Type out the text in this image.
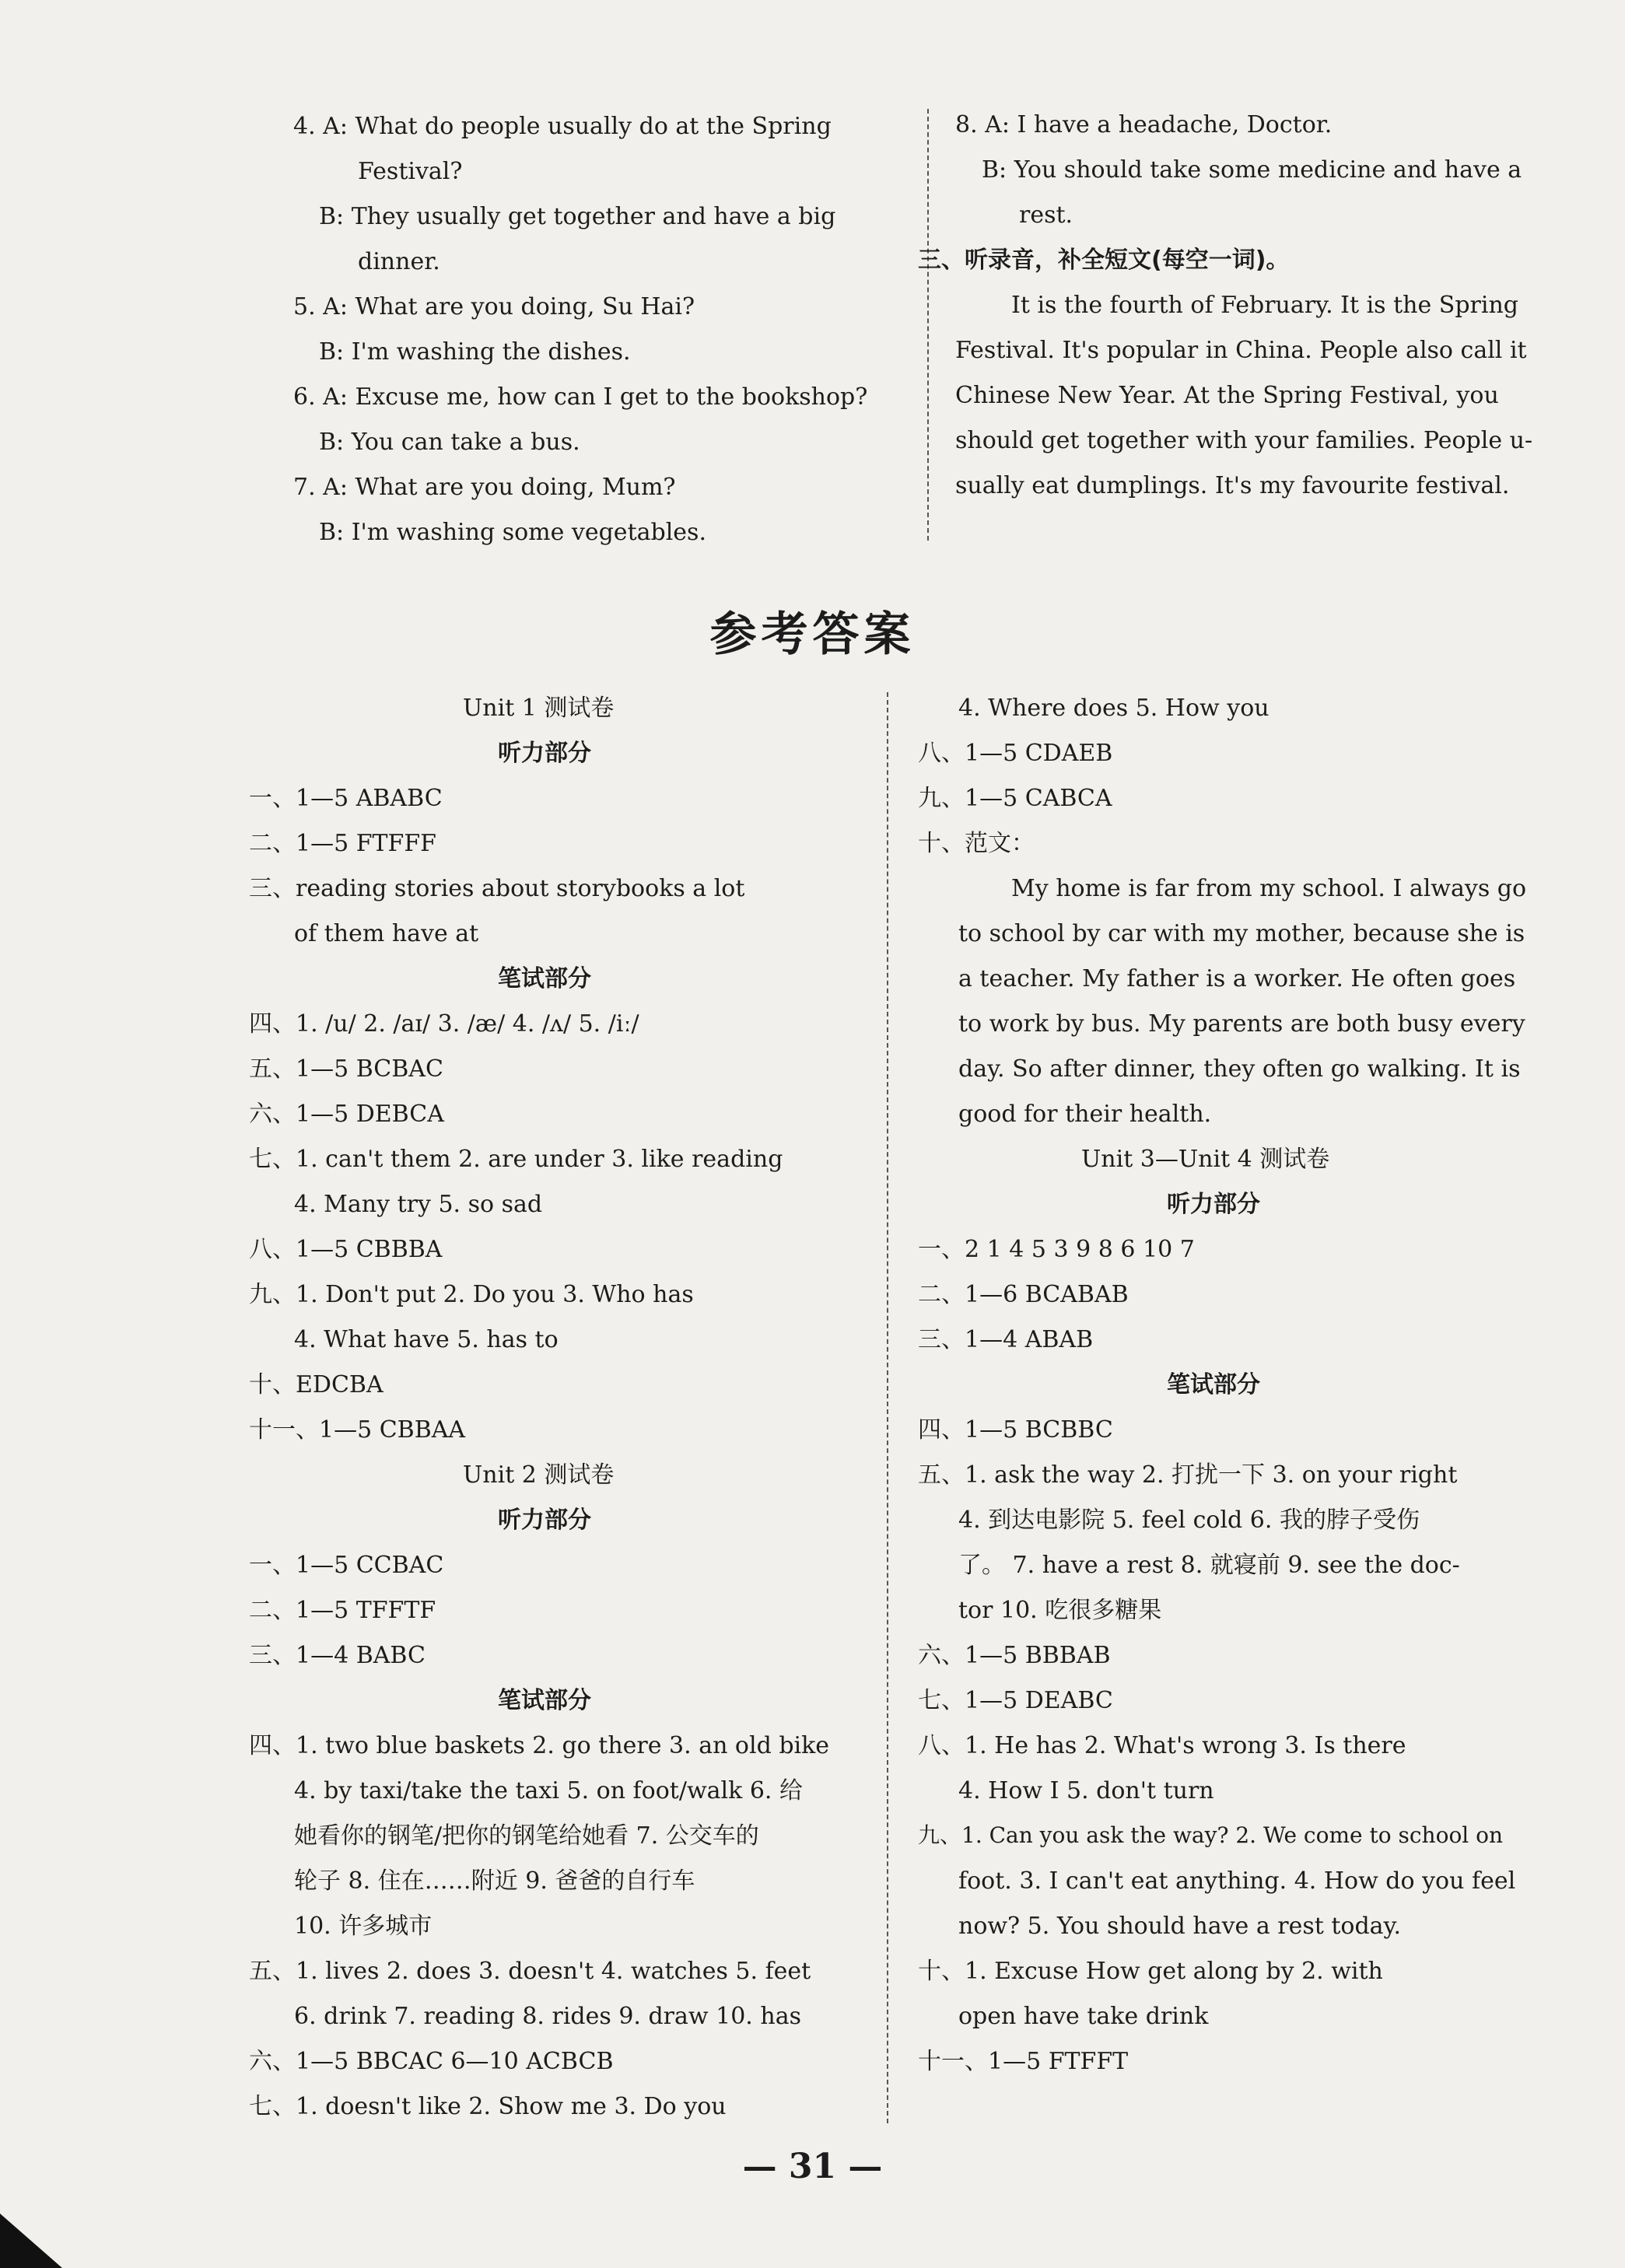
4. A: What do people usually do at the Spring
Festival?
B: They usually get together and have a big
dinner.
5. A: What are you doing, Su Hai?
B: I'm washing the dishes.
6. A: Excuse me, how can I get to the bookshop?
B: You can take a bus.
7. A: What are you doing, Mum?
B: I'm washing some vegetables.
8. A: I have a headache, Doctor.
B: You should take some medicine and have a
rest.
三、听录音，补全短文(每空一词)。
It is the fourth of February. It is the Spring
Festival. It's popular in China. People also call it
Chinese New Year. At the Spring Festival, you
should get together with your families. People u-
sually eat dumplings. It's my favourite festival.
参考答案
Unit 1 测试卷
听力部分
一、1—5 ABABC
二、1—5 FTFFF
三、reading stories about storybooks a lot
of them have at
笔试部分
四、1. /u/ 2. /aɪ/ 3. /æ/ 4. /ʌ/ 5. /iː/
五、1—5 BCBAC
六、1—5 DEBCA
七、1. can't them 2. are under 3. like reading
4. Many try 5. so sad
八、1—5 CBBBA
九、1. Don't put 2. Do you 3. Who has
4. What have 5. has to
十、EDCBA
十一、1—5 CBBAA
Unit 2 测试卷
听力部分
一、1—5 CCBAC
二、1—5 TFFTF
三、1—4 BABC
笔试部分
四、1. two blue baskets 2. go there 3. an old bike
4. by taxi/take the taxi 5. on foot/walk 6. 给
她看你的钢笔/把你的钢笔给她看 7. 公交车的
轮子 8. 住在……附近 9. 爸爸的自行车
10. 许多城市
五、1. lives 2. does 3. doesn't 4. watches 5. feet
6. drink 7. reading 8. rides 9. draw 10. has
六、1—5 BBCAC 6—10 ACBCB
七、1. doesn't like 2. Show me 3. Do you
4. Where does 5. How you
八、1—5 CDAEB
九、1—5 CABCA
十、范文：
My home is far from my school. I always go
to school by car with my mother, because she is
a teacher. My father is a worker. He often goes
to work by bus. My parents are both busy every
day. So after dinner, they often go walking. It is
good for their health.
Unit 3—Unit 4 测试卷
听力部分
一、2 1 4 5 3 9 8 6 10 7
二、1—6 BCABAB
三、1—4 ABAB
笔试部分
四、1—5 BCBBC
五、1. ask the way 2. 打扰一下 3. on your right
4. 到达电影院 5. feel cold 6. 我的脖子受伤
了。 7. have a rest 8. 就寝前 9. see the doc-
tor 10. 吃很多糖果
六、1—5 BBBAB
七、1—5 DEABC
八、1. He has 2. What's wrong 3. Is there
4. How I 5. don't turn
九、1. Can you ask the way? 2. We come to school on
foot. 3. I can't eat anything. 4. How do you feel
now? 5. You should have a rest today.
十、1. Excuse How get along by 2. with
open have take drink
十一、1—5 FTFFT
— 31 —
